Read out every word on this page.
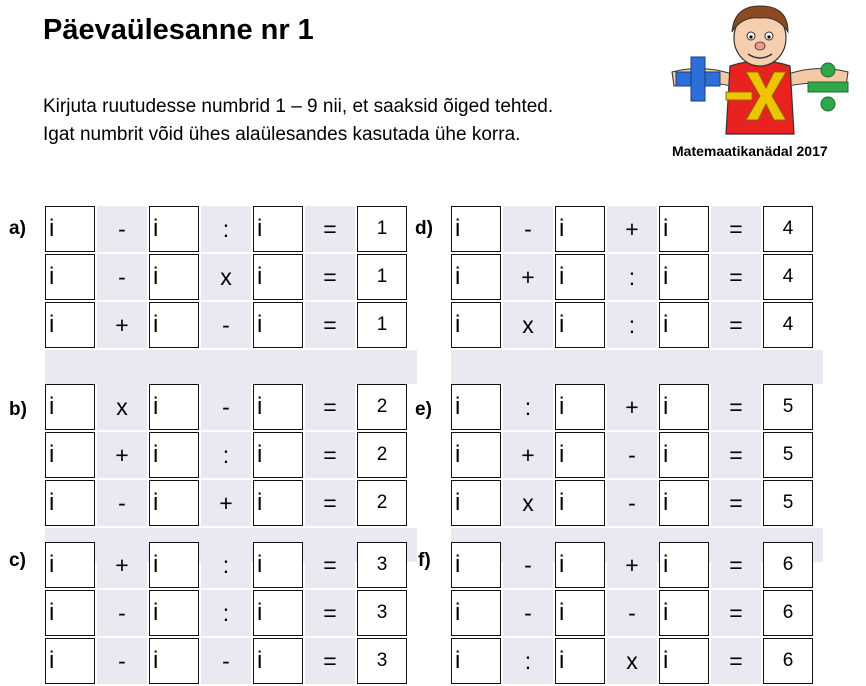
Päevaülesanne nr 1
Kirjuta ruutudesse numbrid 1 – 9 nii, et saaksid õiged tehted.
Igat numbrit võid ühes alaülesandes kasutada ühe korra.
Matemaatikanädal 2017
a) i	-	i	:	i	=	1
i	-	i	x	i	=	1
i	+	i	-	i	=	1
d) i	-	i	+	i	=	4
i	+	i	:	i	=	4
i	x	i	:	i	=	4
b) i	x	i	-	i	=	2
i	+	i	:	i	=	2
i	-	i	+	i	=	2
e) i	:	i	+	i	=	5
i	+	i	-	i	=	5
i	x	i	-	i	=	5
c) i	+	i	:	i	=	3
i	-	i	:	i	=	3
i	-	i	-	i	=	3
f) i	-	i	+	i	=	6
i	-	i	-	i	=	6
i	:	i	x	i	=	6
